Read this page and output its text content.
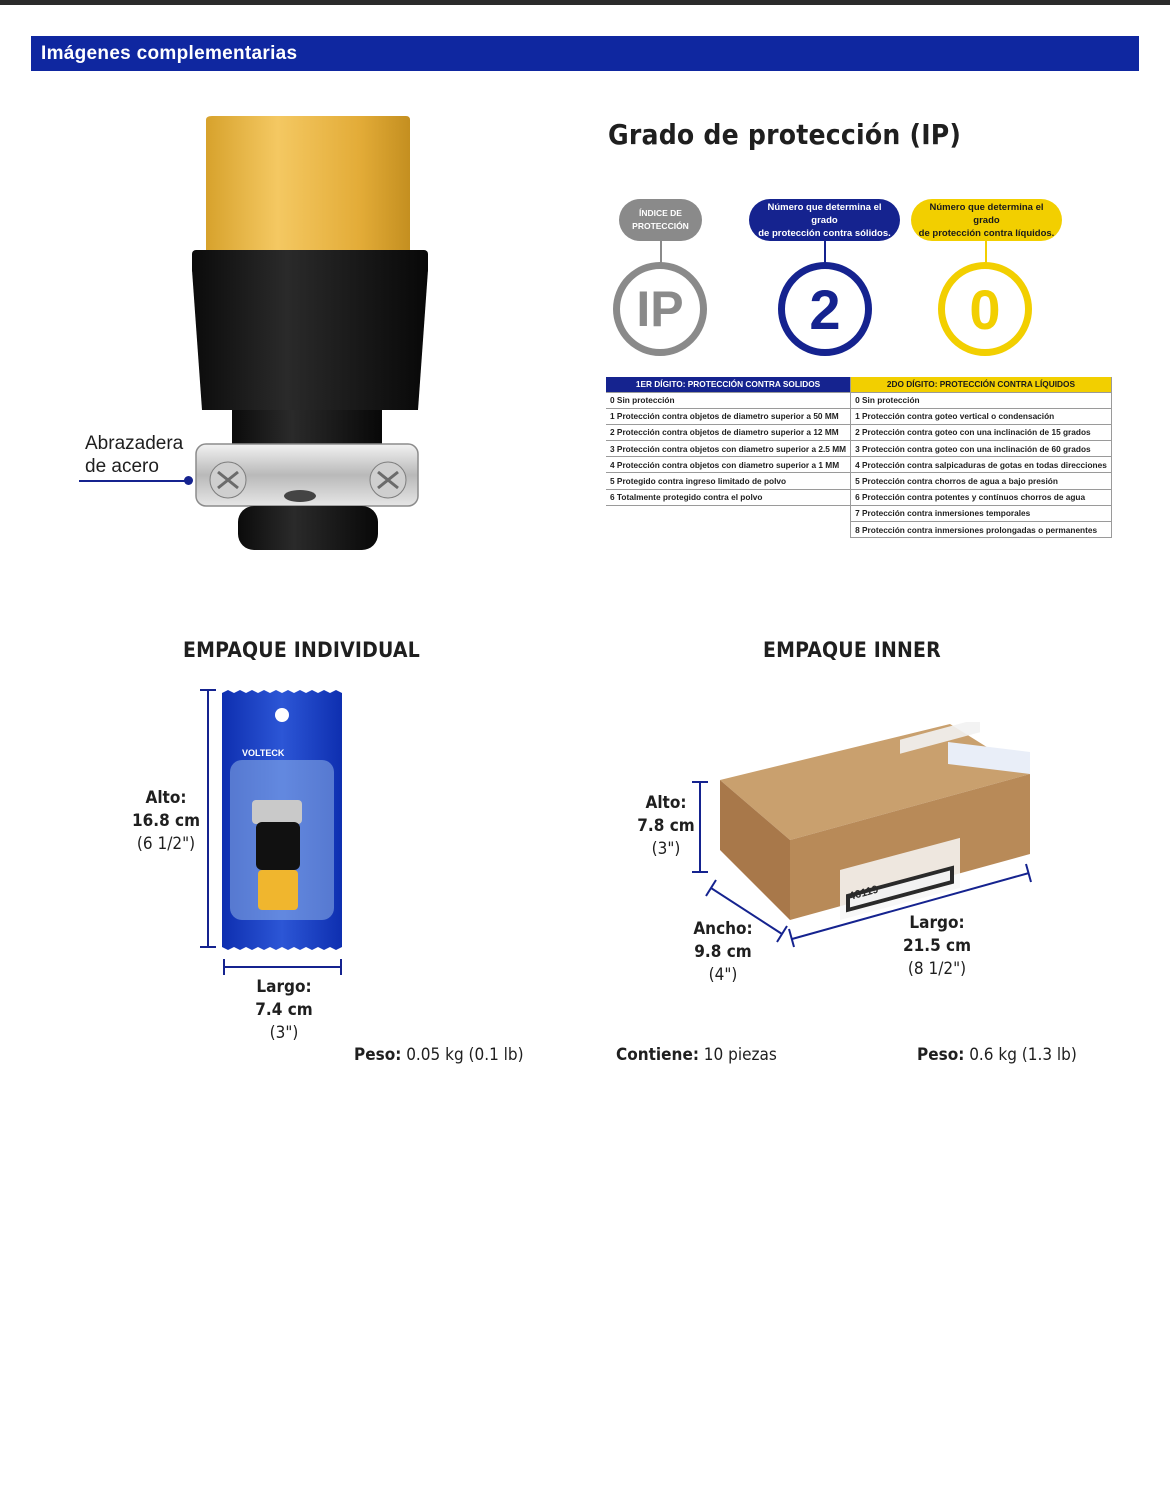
Imágenes complementarias
Abrazadera
de acero
Grado de protección (IP)
ÍNDICE DE
PROTECCIÓN
Número que determina el grado
de protección contra sólidos.
Número que determina el grado
de protección contra líquidos.
IP	2	0
1ER DÍGITO: PROTECCIÓN CONTRA SOLIDOS	2DO DÍGITO: PROTECCIÓN CONTRA LÍQUIDOS
0 Sin protección	0 Sin protección
1 Protección contra objetos de diametro superior a 50 MM	1 Protección contra goteo vertical o condensación
2 Protección contra objetos de diametro superior a 12 MM	2 Protección contra goteo con una inclinación de 15 grados
3 Protección contra objetos con diametro superior a 2.5 MM	3 Protección contra goteo con una inclinación de 60 grados
4 Protección contra objetos con diametro superior a 1 MM	4 Protección contra salpicaduras de gotas en todas direcciones
5 Protegido contra ingreso limitado de polvo	5 Protección contra chorros de agua a bajo presión
6 Totalmente protegido contra el polvo	6 Protección contra potentes y contínuos chorros de agua
	7 Protección contra inmersiones temporales
	8 Protección contra inmersiones prolongadas o permanentes
EMPAQUE INDIVIDUAL
VOLTECK
Alto:
16.8 cm
(6 1/2")
Largo:
7.4 cm
(3")
Peso: 0.05 kg (0.1 lb)
EMPAQUE INNER
46119
Alto:
7.8 cm
(3")
Ancho:
9.8 cm
(4")
Largo:
21.5 cm
(8 1/2")
Contiene: 10 piezas	Peso: 0.6 kg (1.3 lb)
